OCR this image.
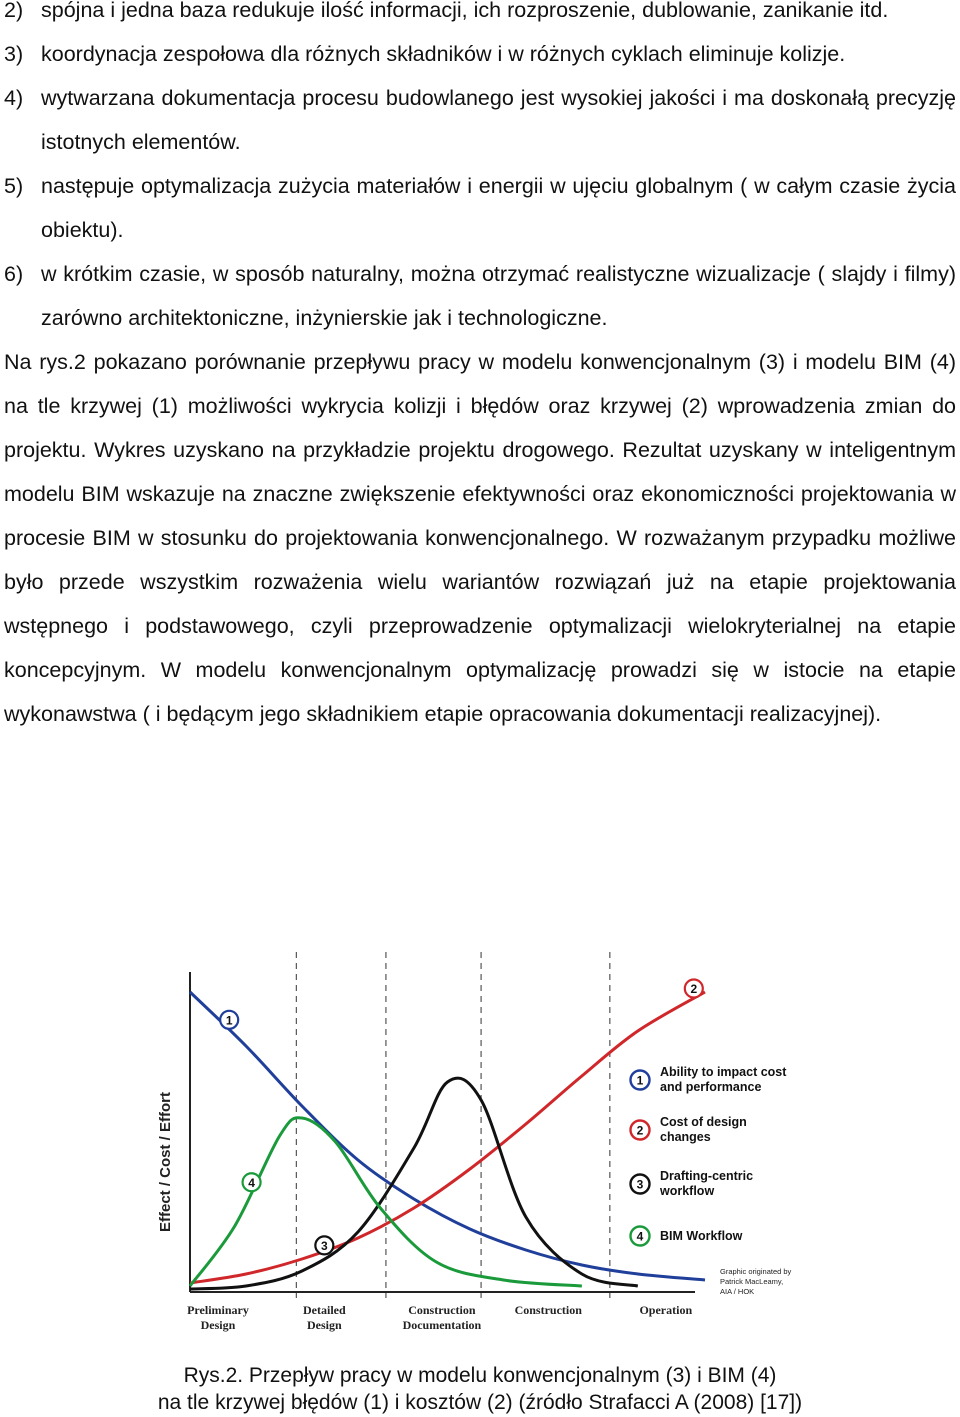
2) spójna i jedna baza redukuje ilość informacji, ich rozproszenie, dublowanie, zanikanie itd.
3) koordynacja zespołowa dla różnych składników i w różnych cyklach eliminuje kolizje.
4) wytwarzana dokumentacja procesu budowlanego jest wysokiej jakości i ma doskonałą precyzję istotnych elementów.
5) następuje optymalizacja zużycia materiałów i energii w ujęciu globalnym ( w całym czasie życia obiektu).
6) w krótkim czasie, w sposób naturalny, można otrzymać realistyczne wizualizacje ( slajdy i filmy) zarówno architektoniczne, inżynierskie jak i technologiczne.
Na rys.2 pokazano porównanie przepływu pracy w modelu konwencjonalnym (3) i modelu BIM (4) na tle krzywej (1) możliwości wykrycia kolizji i błędów oraz krzywej (2) wprowadzenia zmian do projektu. Wykres uzyskano na przykładzie projektu drogowego. Rezultat uzyskany w inteligentnym modelu BIM wskazuje na znaczne zwiększenie efektywności oraz ekonomiczności projektowania w procesie BIM w stosunku do projektowania konwencjonalnego. W rozważanym przypadku możliwe było przede wszystkim rozważenia wielu wariantów rozwiązań już na etapie projektowania wstępnego i podstawowego, czyli przeprowadzenie optymalizacji wielokryterialnej na etapie koncepcyjnym. W modelu konwencjonalnym optymalizację prowadzi się w istocie na etapie wykonawstwa ( i będącym jego składnikiem etapie opracowania dokumentacji realizacyjnej).
Effect / Cost / Effort
Preliminary Design
Detailed Design
Construction Documentation
Construction	Operation
1
2
3
4
1
Ability to impact cost and performance
2
Cost of design changes
3
Drafting-centric workflow
4 BIM Workflow
Graphic originated by Patrick MacLeamy, AIA / HOK
Rys.2. Przepływ pracy w modelu konwencjonalnym (3) i BIM (4)
na tle krzywej błędów (1) i kosztów (2) (źródło Strafacci A (2008) [17])
